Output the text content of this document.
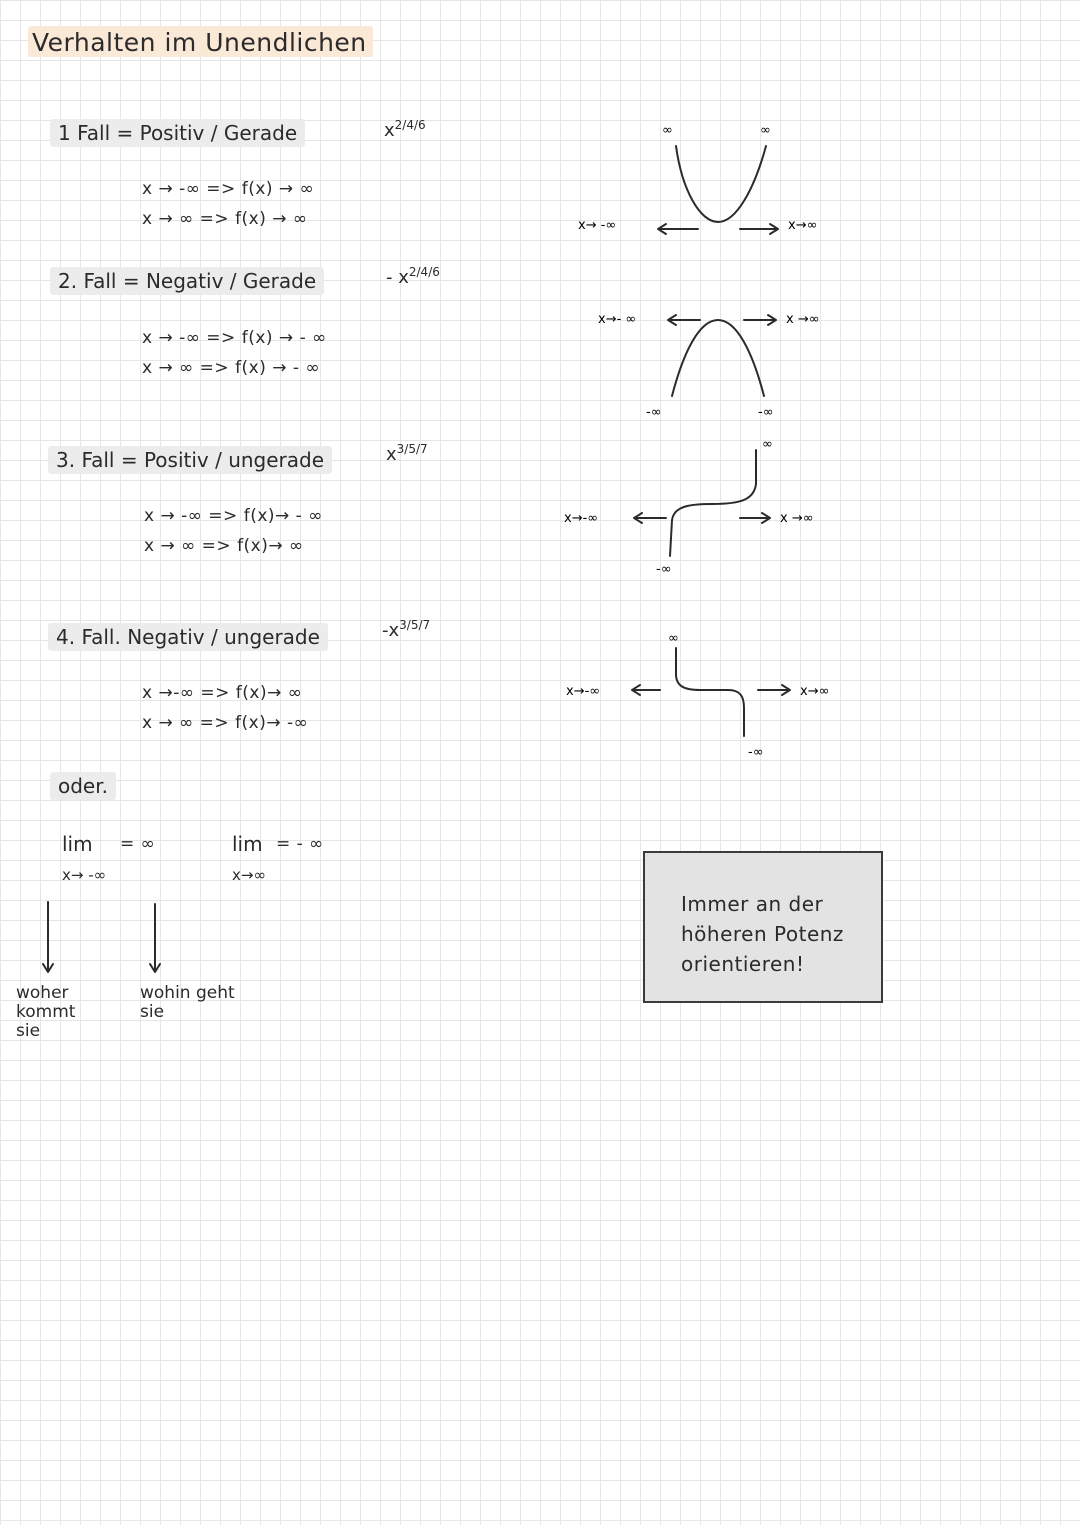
Verhalten im Unendlichen
1 Fall = Positiv / Gerade	$x^{2/4/6}$
x → -∞ => f(x) → ∞
x → ∞ => f(x) → ∞
2. Fall = Negativ / Gerade	- $x^{2/4/6}$
x → -∞ => f(x) → - ∞
x → ∞ => f(x) → - ∞
3. Fall = Positiv / ungerade	$x^{3/5/7}$
x → -∞ => f(x)→ - ∞
x → ∞ => f(x)→ ∞
4. Fall. Negativ / ungerade	$-x^{3/5/7}$
x →-∞ => f(x)→ ∞
x → ∞ => f(x)→ -∞
oder.
lim = ∞
x→ -∞
lim = - ∞
x→∞
woher kommt sie
wohin geht sie
Immer an der höheren Potenz orientieren!
x→ -∞	x→∞
∞	∞
x→- ∞	x →∞
-∞	-∞
x→-∞	x →∞
∞
-∞
x→-∞	x→∞
∞
-∞
